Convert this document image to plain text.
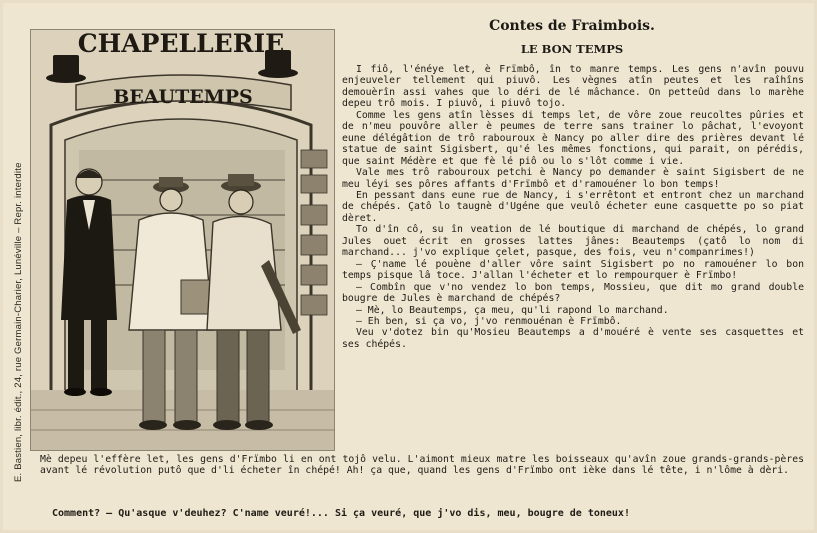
E. Bastien, libr. édit., 24, rue Germain-Charier, Lunéville – Repr. interdite
CHAPELLERIE
BEAUTEMPS
Contes de Fraimbois.
LE BON TEMPS

I fiô, l'énéye let, è Frïmbô, în to manre temps. Les gens n'avîn pouvu enjeuveler tellement qui piuvô. Les vègnes atîn peutes et les raîhîns demouèrîn assi vahes que lo déri de lé mâchance. On petteûd dans lo marèhe depeu trô mois. I piuvô, i piuvô tojo.

Comme les gens atîn lèsses di temps let, de vôre zoue reucoltes pûries et de n'meu pouvôre aller è peumes de terre sans trainer lo pâchat, l'evoyont eune délégâtion de trô rabouroux è Nancy po aller dire des prières devant lé statue de saint Sigisbert, qu'é les mêmes fonctions, qui parait, on pérédis, que saint Médère et que fè lé piô ou lo s'lôt comme i vie.

Vale mes trô rabouroux petchi è Nancy po demander è saint Sigisbert de ne meu léyi ses pôres affants d'Frïmbô et d'ramouéner lo bon temps!

En pessant dans eune rue de Nancy, i s'errêtont et entront chez un marchand de chépés. Çatô lo taugnè d'Ugéne que veulô écheter eune casquette po so piat dèret.

To d'în cô, su în veation de lé boutique di marchand de chépés, lo grand Jules ouet écrit en grosses lattes jânes: Beautemps (çatô lo nom di marchand... j'vo explique çelet, pasque, des fois, veu n'companrimes!)

— Ç'name lé pouène d'aller vôre saint Sigisbert po no ramouéner lo bon temps pisque lâ toce. J'allan l'écheter et lo rempourquer è Frïmbo!

— Combîn que v'no vendez lo bon temps, Mossieu, que dit mo grand double bougre de Jules è marchand de chépés?

— Mè, lo Beautemps, ça meu, qu'li rapond lo marchand.

— Eh ben, si ça vo, j'vo renmouénan è Frïmbô.

Veu v'dotez bin qu'Mosieu Beautemps a d'mouéré è vente ses casquettes et ses chépés.

Mè depeu l'effère let, les gens d'Frïmbo li en ont tojô velu. L'aimont mieux matre les boisseaux qu'avîn zoue grands-grands-pères avant lé révolution putô que d'li écheter în chépé! Ah! ça que, quand les gens d'Frïmbo ont ièke dans lé tête, i n'lôme à dèri.

Comment? — Qu'asque v'deuhez? C'name veuré!... Si ça veuré, que j'vo dis, meu, bougre de toneux!
